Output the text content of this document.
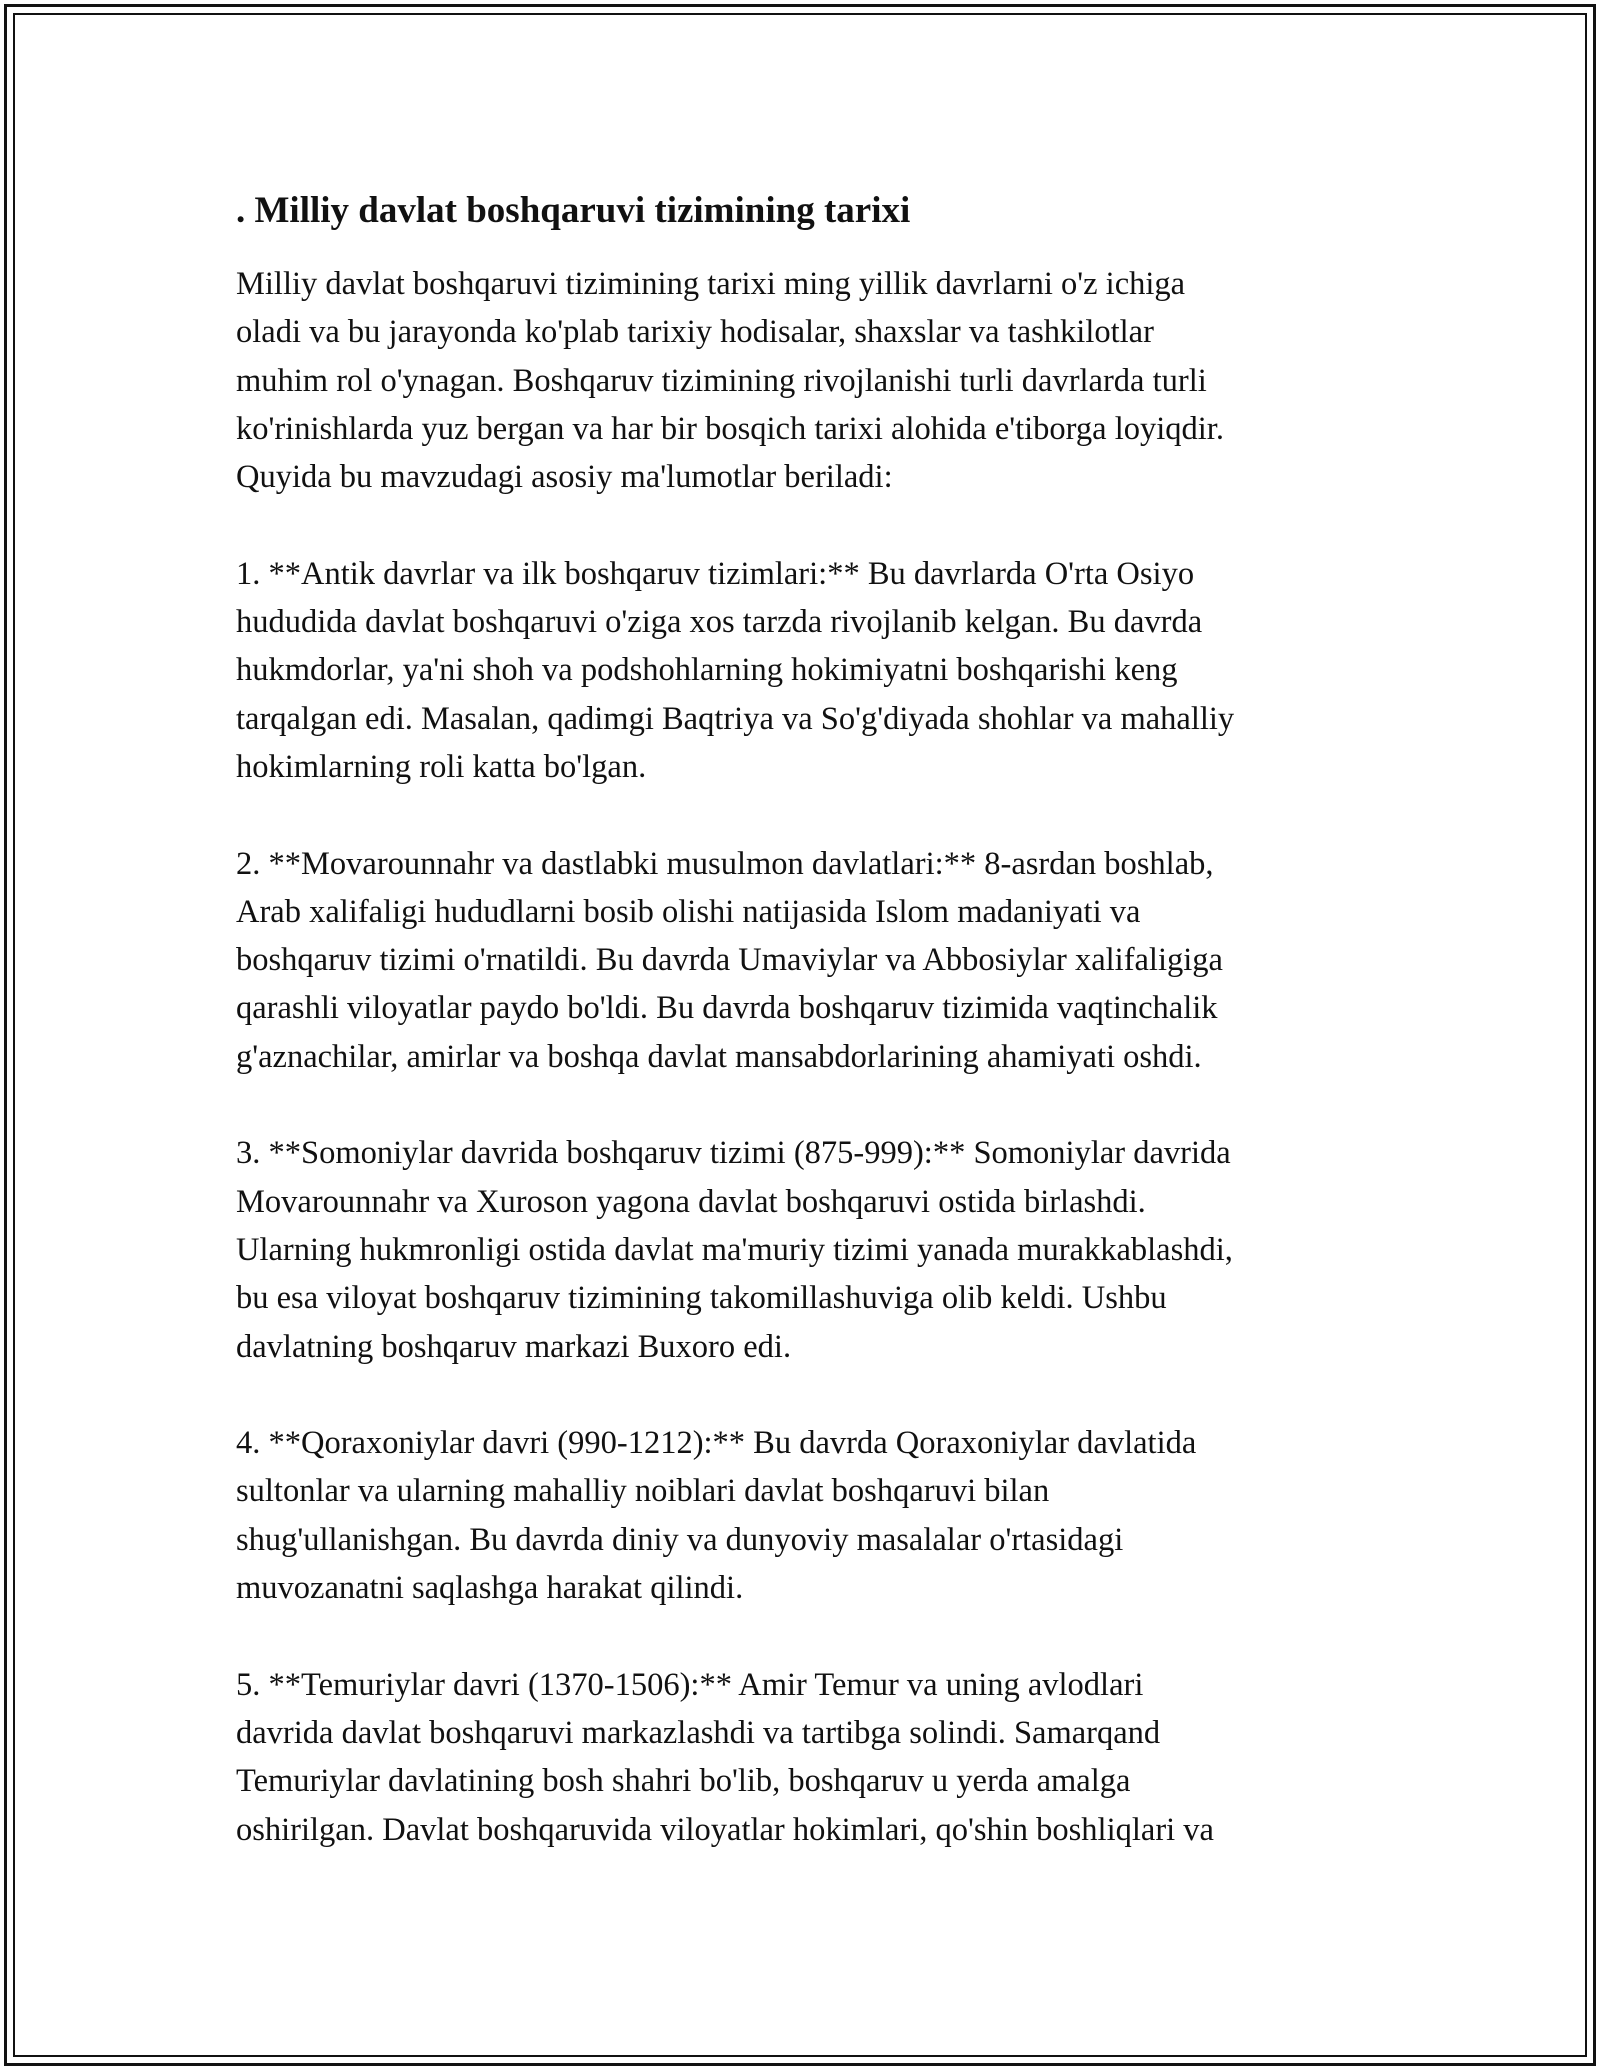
. Milliy davlat boshqaruvi tizimining tarixi

Milliy davlat boshqaruvi tizimining tarixi ming yillik davrlarni o'z ichiga
oladi va bu jarayonda ko'plab tarixiy hodisalar, shaxslar va tashkilotlar
muhim rol o'ynagan. Boshqaruv tizimining rivojlanishi turli davrlarda turli
ko'rinishlarda yuz bergan va har bir bosqich tarixi alohida e'tiborga loyiqdir.
Quyida bu mavzudagi asosiy ma'lumotlar beriladi:

1. **Antik davrlar va ilk boshqaruv tizimlari:** Bu davrlarda O'rta Osiyo
hududida davlat boshqaruvi o'ziga xos tarzda rivojlanib kelgan. Bu davrda
hukmdorlar, ya'ni shoh va podshohlarning hokimiyatni boshqarishi keng
tarqalgan edi. Masalan, qadimgi Baqtriya va So'g'diyada shohlar va mahalliy
hokimlarning roli katta bo'lgan.

2. **Movarounnahr va dastlabki musulmon davlatlari:** 8-asrdan boshlab,
Arab xalifaligi hududlarni bosib olishi natijasida Islom madaniyati va
boshqaruv tizimi o'rnatildi. Bu davrda Umaviylar va Abbosiylar xalifaligiga
qarashli viloyatlar paydo bo'ldi. Bu davrda boshqaruv tizimida vaqtinchalik
g'aznachilar, amirlar va boshqa davlat mansabdorlarining ahamiyati oshdi.

3. **Somoniylar davrida boshqaruv tizimi (875-999):** Somoniylar davrida
Movarounnahr va Xuroson yagona davlat boshqaruvi ostida birlashdi.
Ularning hukmronligi ostida davlat ma'muriy tizimi yanada murakkablashdi,
bu esa viloyat boshqaruv tizimining takomillashuviga olib keldi. Ushbu
davlatning boshqaruv markazi Buxoro edi.

4. **Qoraxoniylar davri (990-1212):** Bu davrda Qoraxoniylar davlatida
sultonlar va ularning mahalliy noiblari davlat boshqaruvi bilan
shug'ullanishgan. Bu davrda diniy va dunyoviy masalalar o'rtasidagi
muvozanatni saqlashga harakat qilindi.

5. **Temuriylar davri (1370-1506):** Amir Temur va uning avlodlari
davrida davlat boshqaruvi markazlashdi va tartibga solindi. Samarqand
Temuriylar davlatining bosh shahri bo'lib, boshqaruv u yerda amalga
oshirilgan. Davlat boshqaruvida viloyatlar hokimlari, qo'shin boshliqlari va
